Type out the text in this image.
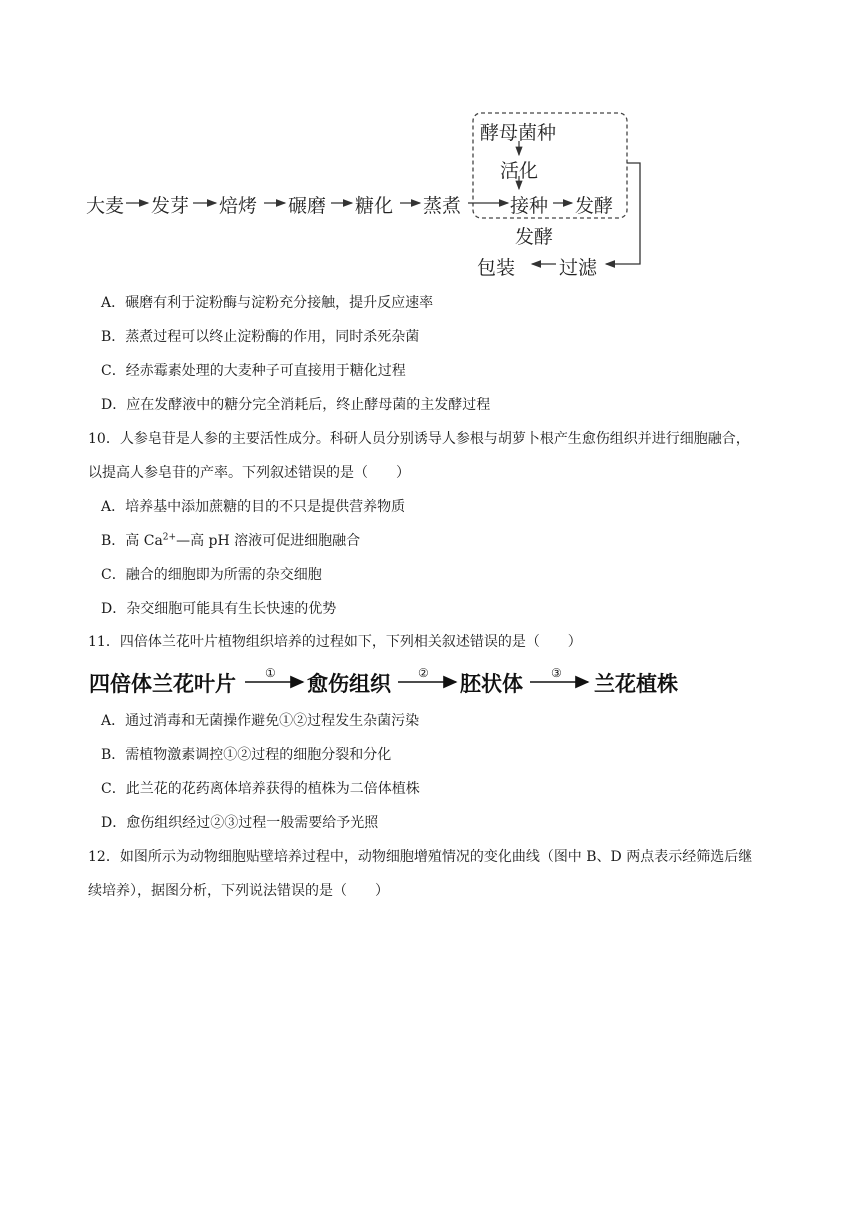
大麦 发芽 焙烤 碾磨 糖化 蒸煮
酵母菌种
活化
接种 发酵
发酵
包装 过滤
A．碾磨有利于淀粉酶与淀粉充分接触，提升反应速率
B．蒸煮过程可以终止淀粉酶的作用，同时杀死杂菌
C．经赤霉素处理的大麦种子可直接用于糖化过程
D．应在发酵液中的糖分完全消耗后，终止酵母菌的主发酵过程
10．人参皂苷是人参的主要活性成分。科研人员分别诱导人参根与胡萝卜根产生愈伤组织并进行细胞融合，
以提高人参皂苷的产率。下列叙述错误的是（　　）
A．培养基中添加蔗糖的目的不只是提供营养物质
B．高 $Ca^{2+}—$高 pH 溶液可促进细胞融合
C．融合的细胞即为所需的杂交细胞
D．杂交细胞可能具有生长快速的优势
11．四倍体兰花叶片植物组织培养的过程如下，下列相关叙述错误的是（　　）
四倍体兰花叶片 ① 愈伤组织 ② 胚状体 ③ 兰花植株
A．通过消毒和无菌操作避免①②过程发生杂菌污染
B．需植物激素调控①②过程的细胞分裂和分化
C．此兰花的花药离体培养获得的植株为二倍体植株
D．愈伤组织经过②③过程一般需要给予光照
12．如图所示为动物细胞贴壁培养过程中，动物细胞增殖情况的变化曲线（图中 B、D 两点表示经筛选后继
续培养），据图分析，下列说法错误的是（　　）
